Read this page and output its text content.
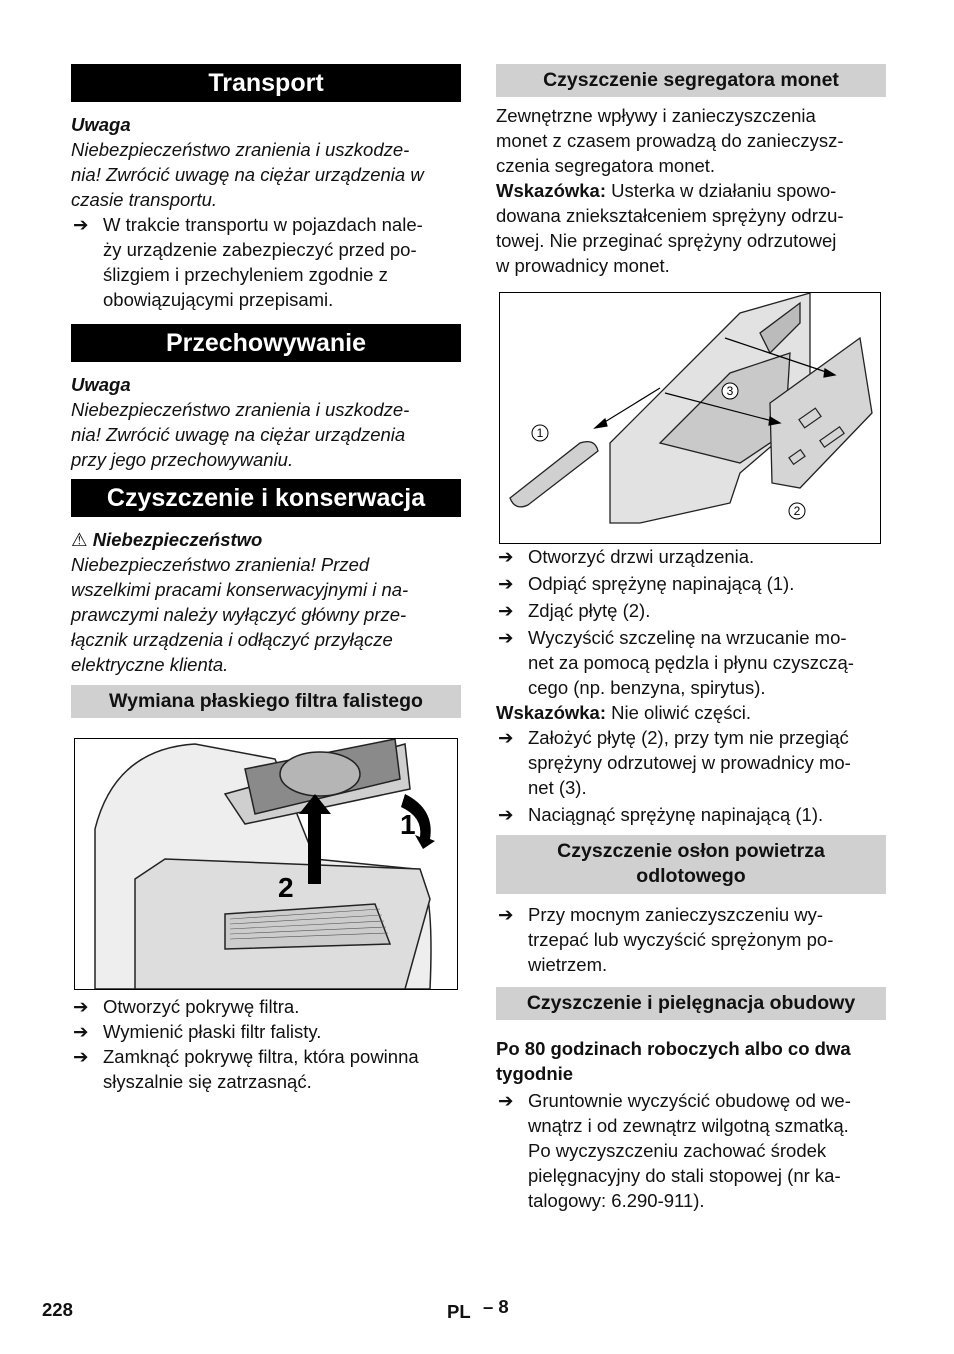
Transport

Uwaga

Niebezpieczeństwo zranienia i uszkodze-
nia! Zwrócić uwagę na ciężar urządzenia w
czasie transportu.
➔ W trakcie transportu w pojazdach nale-
ży urządzenie zabezpieczyć przed po-
ślizgiem i przechyleniem zgodnie z
obowiązującymi przepisami.
Przechowywanie

Uwaga

Niebezpieczeństwo zranienia i uszkodze-
nia! Zwrócić uwagę na ciężar urządzenia
przy jego przechowywaniu.
Czyszczenie i konserwacja

⚠ Niebezpieczeństwo

Niebezpieczeństwo zranienia! Przed
wszelkimi pracami konserwacyjnymi i na-
prawczymi należy wyłączyć główny prze-
łącznik urządzenia i odłączyć przyłącze
elektryczne klienta.
Wymiana płaskiego filtra falistego
1
2
➔ Otworzyć pokrywę filtra.
➔ Wymienić płaski filtr falisty.
➔ Zamknąć pokrywę filtra, która powinna
słyszalnie się zatrzasnąć.
Czyszczenie segregatora monet
Zewnętrzne wpływy i zanieczyszczenia
monet z czasem prowadzą do zanieczysz-
czenia segregatora monet.
Wskazówka: Usterka w działaniu spowo-
dowana zniekształceniem sprężyny odrzu-
towej. Nie przeginać sprężyny odrzutowej
w prowadnicy monet.
1
2
3
➔ Otworzyć drzwi urządzenia.
➔ Odpiąć sprężynę napinającą (1).
➔ Zdjąć płytę (2).
➔ Wyczyścić szczelinę na wrzucanie mo-
net za pomocą pędzla i płynu czyszczą-
cego (np. benzyna, spirytus).
Wskazówka: Nie oliwić części.
➔ Założyć płytę (2), przy tym nie przegiąć
sprężyny odrzutowej w prowadnicy mo-
net (3).
➔ Naciągnąć sprężynę napinającą (1).
Czyszczenie osłon powietrza
odlotowego
➔ Przy mocnym zanieczyszczeniu wy-
trzepać lub wyczyścić sprężonym po-
wietrzem.
Czyszczenie i pielęgnacja obudowy
Po 80 godzinach roboczych albo co dwa
tygodnie
➔ Gruntownie wyczyścić obudowę od we-
wnątrz i od zewnątrz wilgotną szmatką.
Po wyczyszczeniu zachować środek
pielęgnacyjny do stali stopowej (nr ka-
talogowy: 6.290-911).
228	PL – 8
